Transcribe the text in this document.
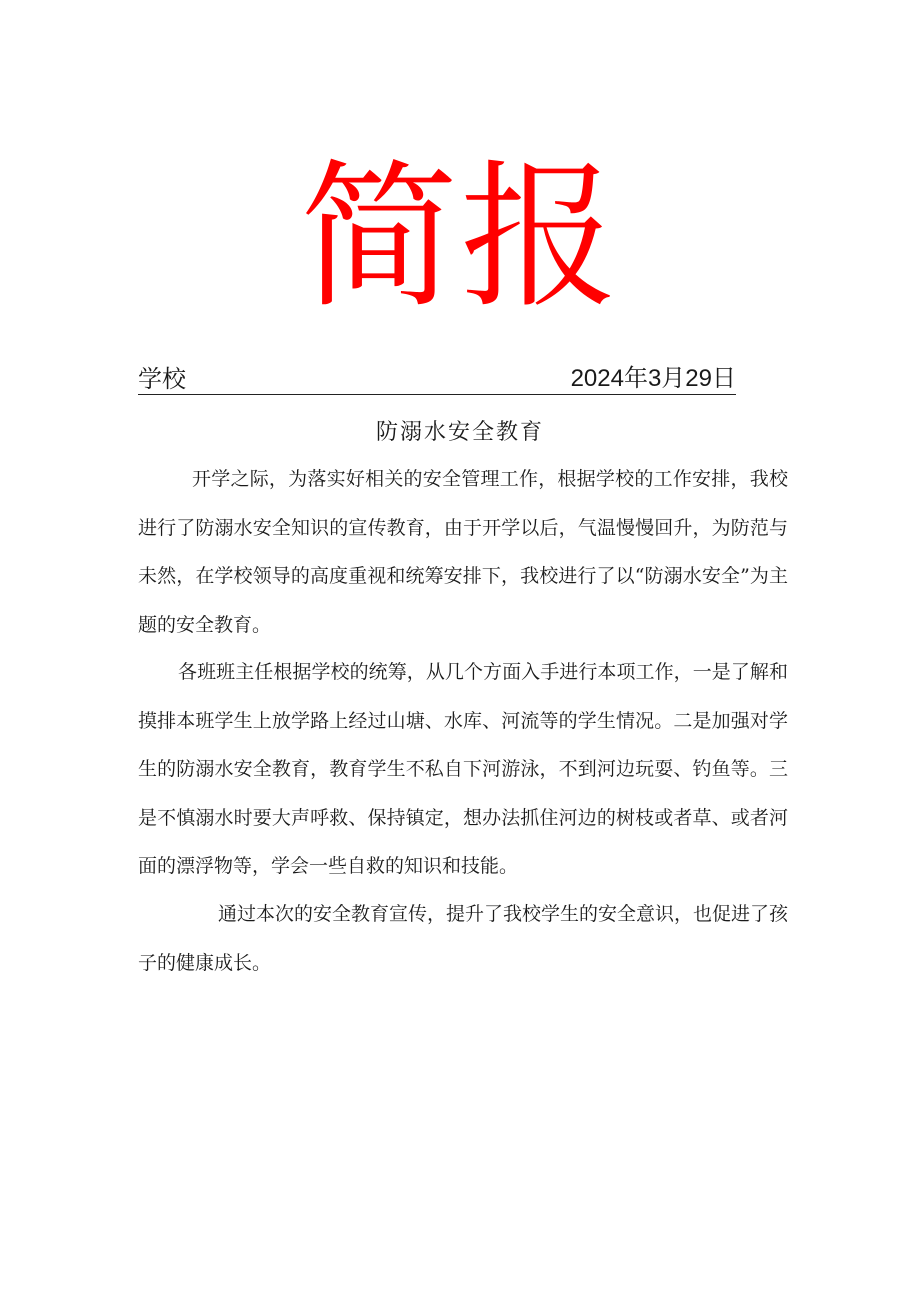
简报
学校	2024年3月29日
防溺水安全教育

开学之际，为落实好相关的安全管理工作，根据学校的工作安排，我校进行了防溺水安全知识的宣传教育，由于开学以后，气温慢慢回升，为防范与未然，在学校领导的高度重视和统筹安排下，我校进行了以“防溺水安全”为主题的安全教育。

各班班主任根据学校的统筹，从几个方面入手进行本项工作，一是了解和摸排本班学生上放学路上经过山塘、水库、河流等的学生情况。二是加强对学生的防溺水安全教育，教育学生不私自下河游泳，不到河边玩耍、钓鱼等。三是不慎溺水时要大声呼救、保持镇定，想办法抓住河边的树枝或者草、或者河面的漂浮物等，学会一些自救的知识和技能。

通过本次的安全教育宣传，提升了我校学生的安全意识，也促进了孩子的健康成长。
